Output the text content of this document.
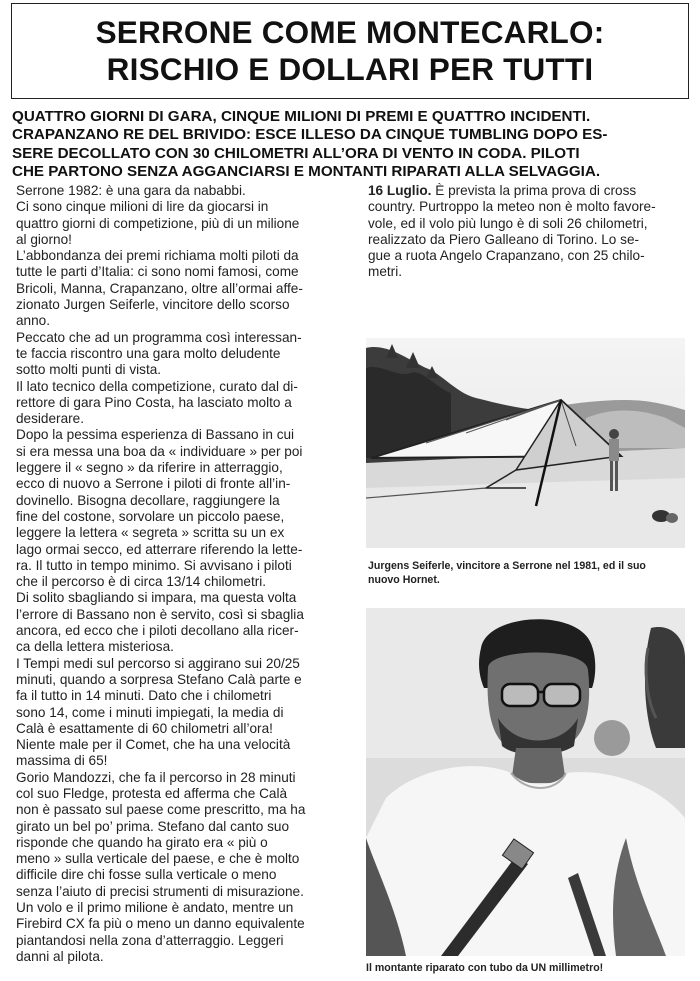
SERRONE COME MONTECARLO:
RISCHIO E DOLLARI PER TUTTI
QUATTRO GIORNI DI GARA, CINQUE MILIONI DI PREMI E QUATTRO INCIDENTI.
CRAPANZANO RE DEL BRIVIDO: ESCE ILLESO DA CINQUE TUMBLING DOPO ES-
SERE DECOLLATO CON 30 CHILOMETRI ALL’ORA DI VENTO IN CODA. PILOTI
CHE PARTONO SENZA AGGANCIARSI E MONTANTI RIPARATI ALLA SELVAGGIA.
Serrone 1982: è una gara da nababbi.
Ci sono cinque milioni di lire da giocarsi in
quattro giorni di competizione, più di un milione
al giorno!
L’abbondanza dei premi richiama molti piloti da
tutte le parti d’Italia: ci sono nomi famosi, come
Bricoli, Manna, Crapanzano, oltre all’ormai affe-
zionato Jurgen Seiferle, vincitore dello scorso
anno.
Peccato che ad un programma così interessan-
te faccia riscontro una gara molto deludente
sotto molti punti di vista.
Il lato tecnico della competizione, curato dal di-
rettore di gara Pino Costa, ha lasciato molto a
desiderare.
Dopo la pessima esperienza di Bassano in cui
si era messa una boa da « individuare » per poi
leggere il « segno » da riferire in atterraggio,
ecco di nuovo a Serrone i piloti di fronte all’in-
dovinello. Bisogna decollare, raggiungere la
fine del costone, sorvolare un piccolo paese,
leggere la lettera « segreta » scritta su un ex
lago ormai secco, ed atterrare riferendo la lette-
ra. Il tutto in tempo minimo. Si avvisano i piloti
che il percorso è di circa 13/14 chilometri.
Di solito sbagliando si impara, ma questa volta
l’errore di Bassano non è servito, così si sbaglia
ancora, ed ecco che i piloti decollano alla ricer-
ca della lettera misteriosa.
I Tempi medi sul percorso si aggirano sui 20/25
minuti, quando a sorpresa Stefano Calà parte e
fa il tutto in 14 minuti. Dato che i chilometri
sono 14, come i minuti impiegati, la media di
Calà è esattamente di 60 chilometri all’ora!
Niente male per il Comet, che ha una velocità
massima di 65!
Gorio Mandozzi, che fa il percorso in 28 minuti
col suo Fledge, protesta ed afferma che Calà
non è passato sul paese come prescritto, ma ha
girato un bel po’ prima. Stefano dal canto suo
risponde che quando ha girato era « più o
meno » sulla verticale del paese, e che è molto
difficile dire chi fosse sulla verticale o meno
senza l’aiuto di precisi strumenti di misurazione.
Un volo e il primo milione è andato, mentre un
Firebird CX fa più o meno un danno equivalente
piantandosi nella zona d’atterraggio. Leggeri
danni al pilota.
16 Luglio. È prevista la prima prova di cross
country. Purtroppo la meteo non è molto favore-
vole, ed il volo più lungo è di soli 26 chilometri,
realizzato da Piero Galleano di Torino. Lo se-
gue a ruota Angelo Crapanzano, con 25 chilo-
metri.
Jurgens Seiferle, vincitore a Serrone nel 1981, ed il suo
nuovo Hornet.
Il montante riparato con tubo da UN millimetro!
